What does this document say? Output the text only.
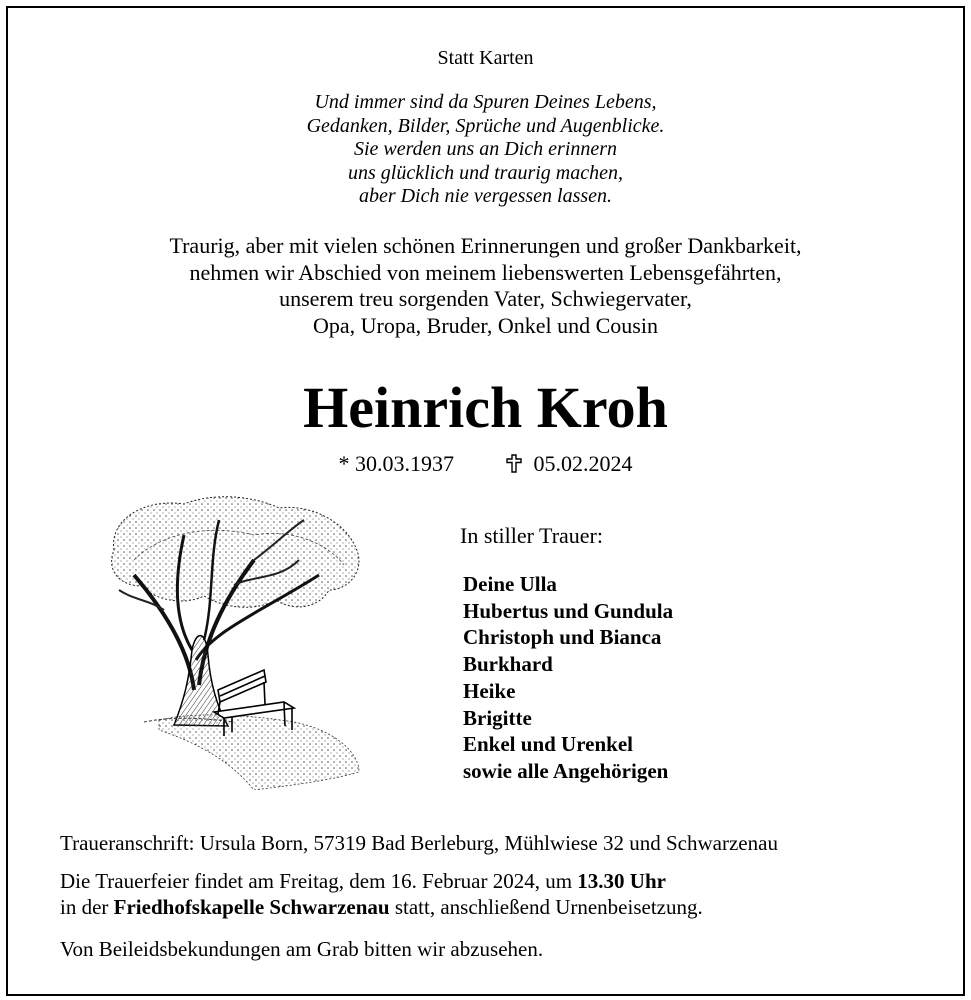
Statt Karten
Und immer sind da Spuren Deines Lebens,
Gedanken, Bilder, Sprüche und Augenblicke.
Sie werden uns an Dich erinnern
uns glücklich und traurig machen,
aber Dich nie vergessen lassen.
Traurig, aber mit vielen schönen Erinnerungen und großer Dankbarkeit,
nehmen wir Abschied von meinem liebenswerten Lebensgefährten,
unserem treu sorgenden Vater, Schwiegervater,
Opa, Uropa, Bruder, Onkel und Cousin
Heinrich Kroh
* 30.03.1937	05.02.2024
In stiller Trauer:
Deine Ulla
Hubertus und Gundula
Christoph und Bianca
Burkhard
Heike
Brigitte
Enkel und Urenkel
sowie alle Angehörigen
Traueranschrift: Ursula Born, 57319 Bad Berleburg, Mühlwiese 32 und Schwarzenau
Die Trauerfeier findet am Freitag, dem 16. Februar 2024, um 13.30 Uhr
in der Friedhofskapelle Schwarzenau statt, anschließend Urnenbeisetzung.
Von Beileidsbekundungen am Grab bitten wir abzusehen.
